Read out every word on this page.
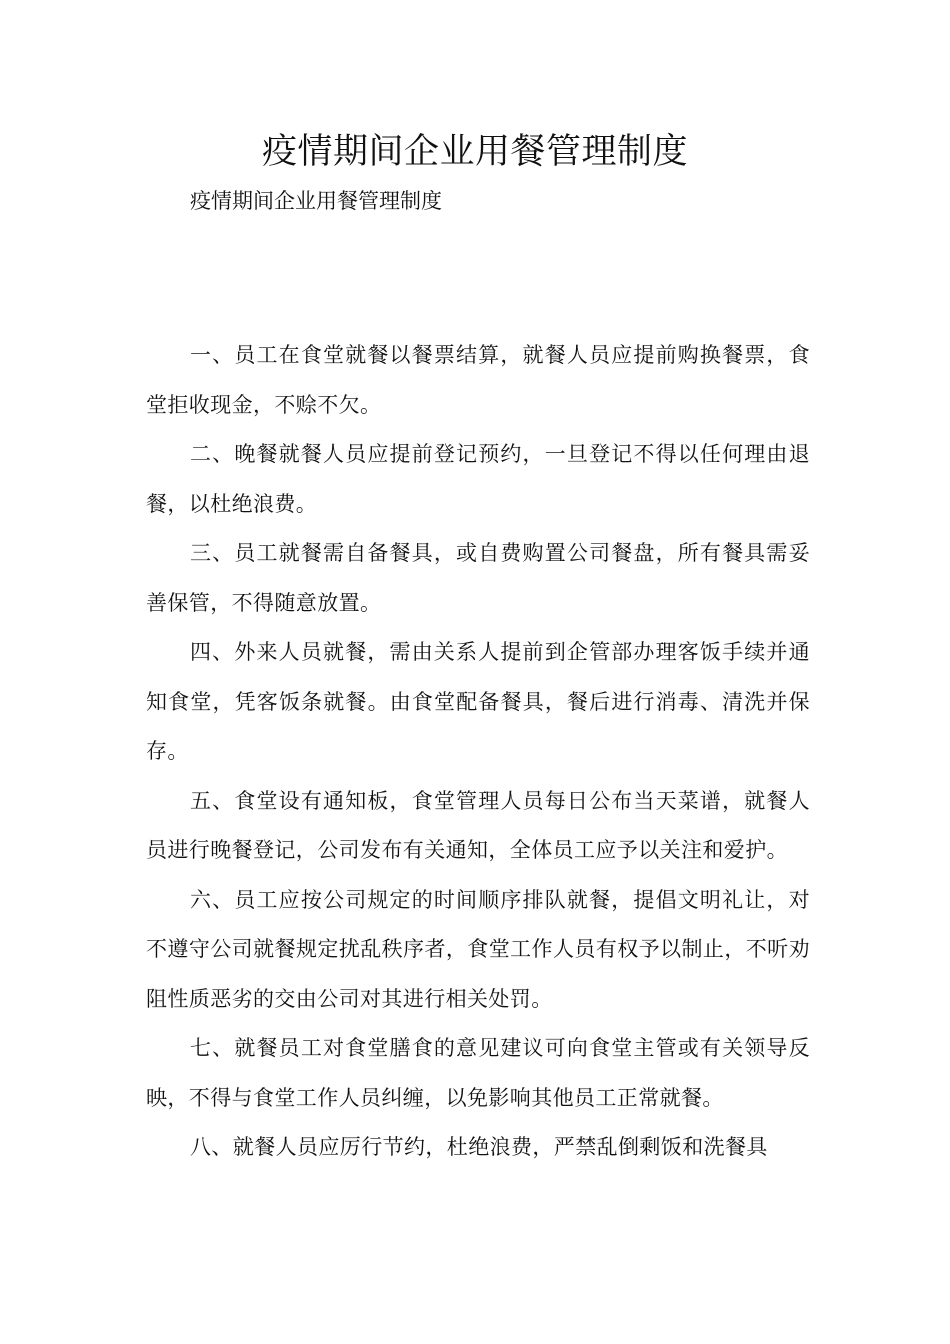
疫情期间企业用餐管理制度

疫情期间企业用餐管理制度

一、员工在食堂就餐以餐票结算，就餐人员应提前购换餐票，食堂拒收现金，不赊不欠。

二、晚餐就餐人员应提前登记预约，一旦登记不得以任何理由退餐，以杜绝浪费。

三、员工就餐需自备餐具，或自费购置公司餐盘，所有餐具需妥善保管，不得随意放置。

四、外来人员就餐，需由关系人提前到企管部办理客饭手续并通知食堂，凭客饭条就餐。由食堂配备餐具，餐后进行消毒、清洗并保存。

五、食堂设有通知板，食堂管理人员每日公布当天菜谱，就餐人员进行晚餐登记，公司发布有关通知，全体员工应予以关注和爱护。

六、员工应按公司规定的时间顺序排队就餐，提倡文明礼让，对不遵守公司就餐规定扰乱秩序者，食堂工作人员有权予以制止，不听劝阻性质恶劣的交由公司对其进行相关处罚。

七、就餐员工对食堂膳食的意见建议可向食堂主管或有关领导反映，不得与食堂工作人员纠缠，以免影响其他员工正常就餐。

八、就餐人员应厉行节约，杜绝浪费，严禁乱倒剩饭和洗餐具
